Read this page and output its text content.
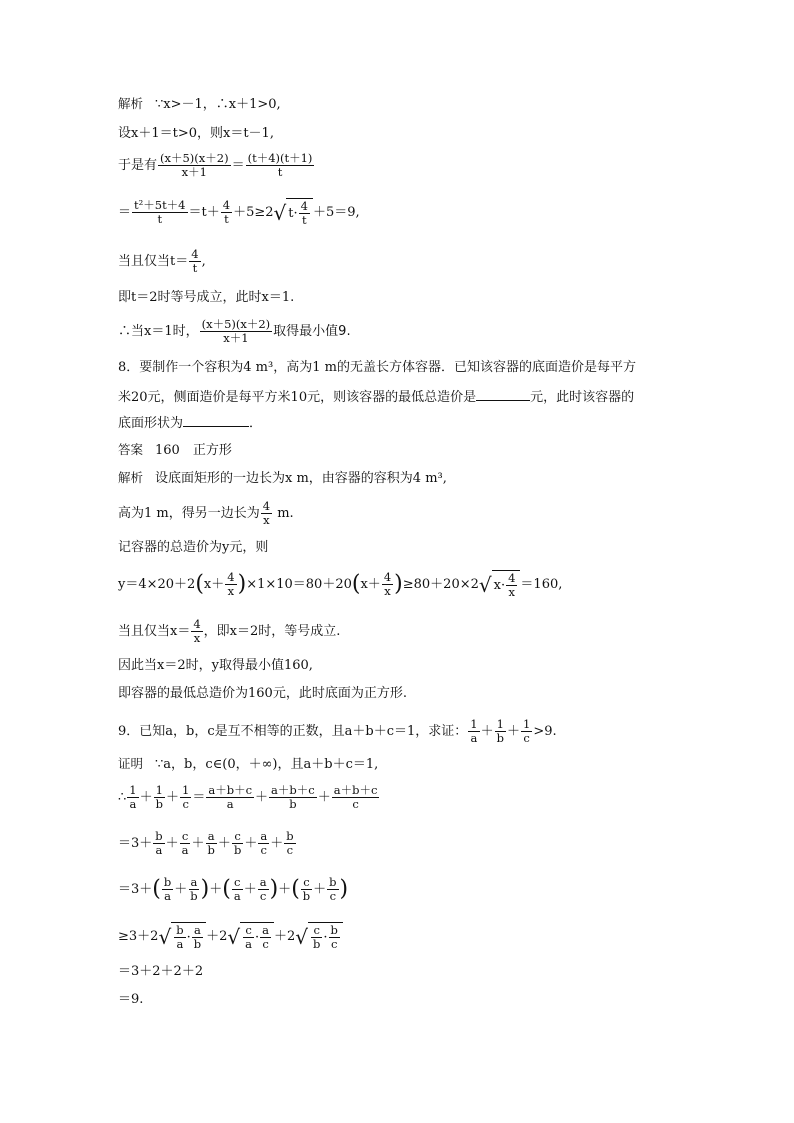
解析 ∵x>－1，∴x＋1>0,
设x＋1＝t>0，则x＝t－1,
于是有 $\frac{(x+5)(x+2)}{x+1} = \frac{(t+4)(t+1)}{t}$
＝ $\frac{\text{t²＋5t＋4}}{t} =t+ \frac{4}{t} +5\ge 2$ √ $t\cdot \frac{4}{t} +5=9$,
当且仅当$t= \frac{4}{t}$ ,
即t＝2时等号成立，此时x＝1.
∴当x＝1时， $\frac{(x+5)(x+2)}{x+1}$ 取得最小值9.
8．要制作一个容积为4 m³，高为1 m的无盖长方体容器．已知该容器的底面造价是每平方
米20元，侧面造价是每平方米10元，则该容器的最低总造价是	元，此时该容器的
底面形状为	．
答案 160　正方形
解析 设底面矩形的一边长为x m，由容器的容积为4 m³,
高为1 m，得另一边长为 $\frac{4}{x} m$.
记容器的总造价为y元，则
$y=4\times 20+2(x+ \frac{4}{x} )\times 1\times 10=80+20(x+ \frac{4}{x} )\ge 80+20\times 2$ √ $x\cdot \frac{4}{x} =160$,
当且仅当$x= \frac{4}{x}$ ，即x＝2时，等号成立.
因此当x＝2时，y取得最小值160,
即容器的最低总造价为160元，此时底面为正方形.
9．已知a，b，c是互不相等的正数，且a＋b＋c＝1，求证： $\frac{1}{a} + \frac{1}{b} + \frac{1}{c} >9$.
证明 ∵a，b，c∈(0，＋∞)，且a＋b＋c＝1,
∴ $\frac{1}{a} + \frac{1}{b} + \frac{1}{c} = \frac{a+b+c}{a} + \frac{a+b+c}{b} + \frac{a+b+c}{c}$
$=3+ \frac{b}{a} + \frac{c}{a} + \frac{a}{b} + \frac{c}{b} + \frac{a}{c} + \frac{b}{c}$
$=3+( \frac{b}{a} + \frac{a}{b}$ )＋( $\frac{c}{a} + \frac{a}{c}$ )＋( $\frac{c}{b} + \frac{b}{c}$ )
≥3＋2 √ $\frac{b}{a} \cdot \frac{a}{b} +2$ √ $\frac{c}{a} \cdot \frac{a}{c} +2$ √ $\frac{c}{b} \cdot \frac{b}{c}$
＝3＋2＋2＋2
＝9.
